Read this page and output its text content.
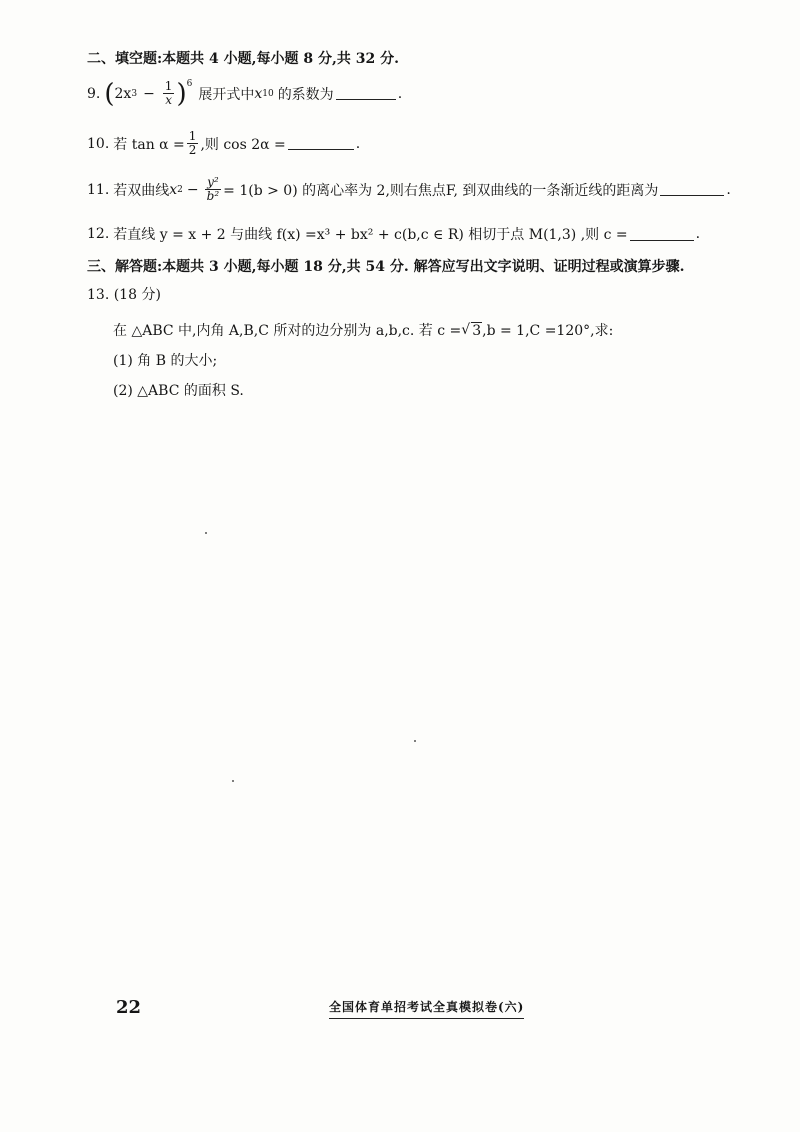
二、填空题:本题共 4 小题,每小题 8 分,共 32 分.
9. ( 2x $3 - \frac{1}{x} )^6$
展开式中 x 10 的系数为	.
10. 若 $\tan \alpha = \frac{1}{2}$ ,则 cos 2α =	.
11. 若双曲线 x $2 - \frac{\text{y²}}{\text{b²}} = 1(b > 0)$ 的离心率为 2,则右焦点F, 到双曲线的一条渐近线的距离为	.
12. 若直线 y = x + 2 与曲线 f(x) =x³ + bx² + c(b,c ∈ R) 相切于点 M(1,3) ,则 c =	.
三、解答题:本题共 3 小题,每小题 18 分,共 54 分. 解答应写出文字说明、证明过程或演算步骤.
13. (18 分)
在 △ABC 中,内角 A,B,C 所对的边分别为 a,b,c. 若 c = √ 3 ,b = 1,C =120°,求:
(1) 角 B 的大小;
(2) △ABC 的面积 S.
22	全国体育单招考试全真模拟卷(六)
